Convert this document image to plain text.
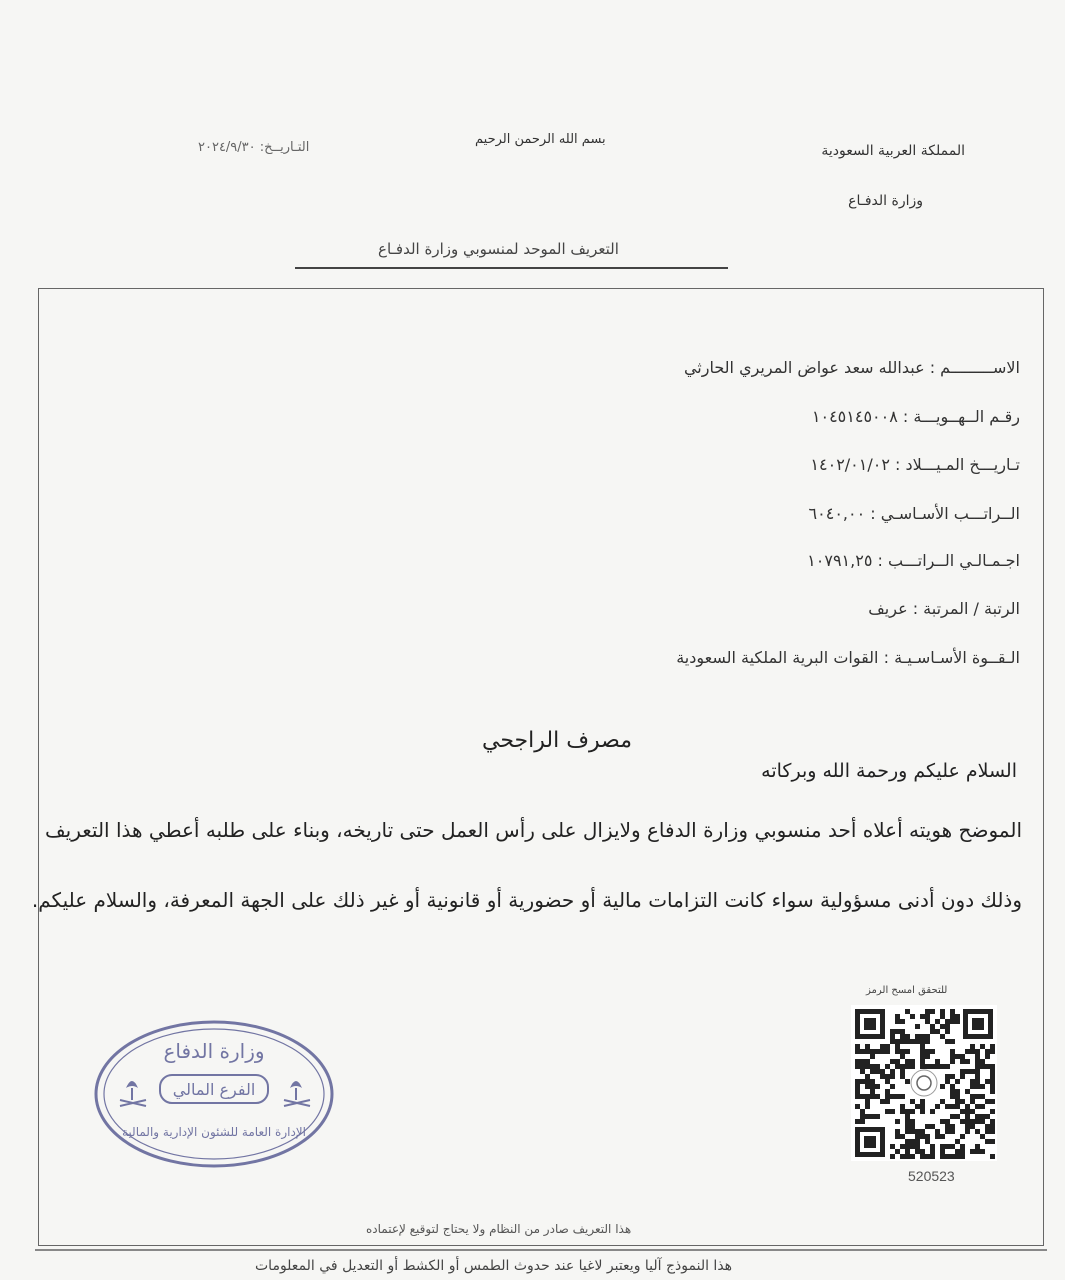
المملكة العربية السعودية
وزارة الدفـاع
بسم الله الرحمن الرحيم
التـاريــخ: ٢٠٢٤/٩/٣٠
التعريف الموحد لمنسوبي وزارة الدفـاع
الاســـــــــم : عبدالله سعد عواض المريري الحارثي
رقـم الــهــويـــة : ١٠٤٥١٤٥٠٠٨
تـاريـــخ المـيـــلاد : ١٤٠٢/٠١/٠٢
الــراتـــب الأسـاسـي : ٦٠٤٠,٠٠
اجـمـالـي الــراتـــب : ١٠٧٩١,٢٥
الرتبة / المرتبة : عريف
الـقــوة الأسـاسـيـة : القوات البرية الملكية السعودية
مصرف الراجحي
السلام عليكم ورحمة الله وبركاته
الموضح هويته أعلاه أحد منسوبي وزارة الدفاع ولايزال على رأس العمل حتى تاريخه، وبناء على طلبه أعطي هذا التعريف
وذلك دون أدنى مسؤولية سواء كانت التزامات مالية أو حضورية أو قانونية أو غير ذلك على الجهة المعرفة، والسلام عليكم.
للتحقق امسح الرمز
520523
وزارة الدفاع
الفرع المالي
الإدارة العامة للشئون الإدارية والمالية
هذا التعريف صادر من النظام ولا يحتاج لتوقيع لإعتماده
هذا النموذج آليا ويعتبر لاغيا عند حدوث الطمس أو الكشط أو التعديل في المعلومات
